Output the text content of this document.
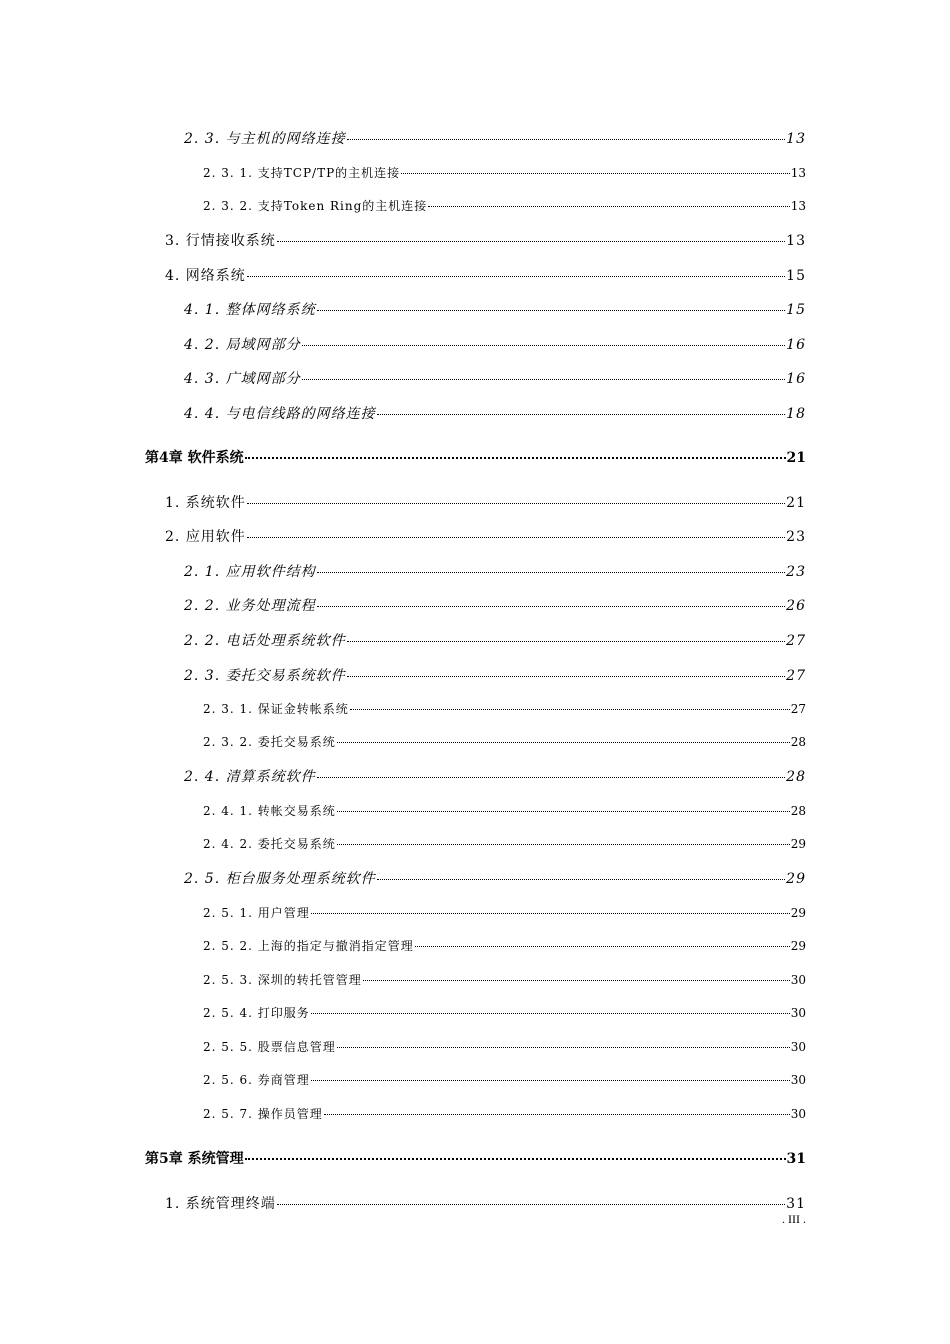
2. 3. 与主机的网络连接	13
2. 3. 1. 支持TCP/TP的主机连接	13
2. 3. 2. 支持Token Ring的主机连接	13
3. 行情接收系统	13
4. 网络系统	15
4. 1. 整体网络系统	15
4. 2. 局域网部分	16
4. 3. 广域网部分	16
4. 4. 与电信线路的网络连接	18
第4章 软件系统	21
1. 系统软件	21
2. 应用软件	23
2. 1. 应用软件结构	23
2. 2. 业务处理流程	26
2. 2. 电话处理系统软件	27
2. 3. 委托交易系统软件	27
2. 3. 1. 保证金转帐系统	27
2. 3. 2. 委托交易系统	28
2. 4. 清算系统软件	28
2. 4. 1. 转帐交易系统	28
2. 4. 2. 委托交易系统	29
2. 5. 柜台服务处理系统软件	29
2. 5. 1. 用户管理	29
2. 5. 2. 上海的指定与撤消指定管理	29
2. 5. 3. 深圳的转托管管理	30
2. 5. 4. 打印服务	30
2. 5. 5. 股票信息管理	30
2. 5. 6. 券商管理	30
2. 5. 7. 操作员管理	30
第5章 系统管理	31
1. 系统管理终端	31
. III .
